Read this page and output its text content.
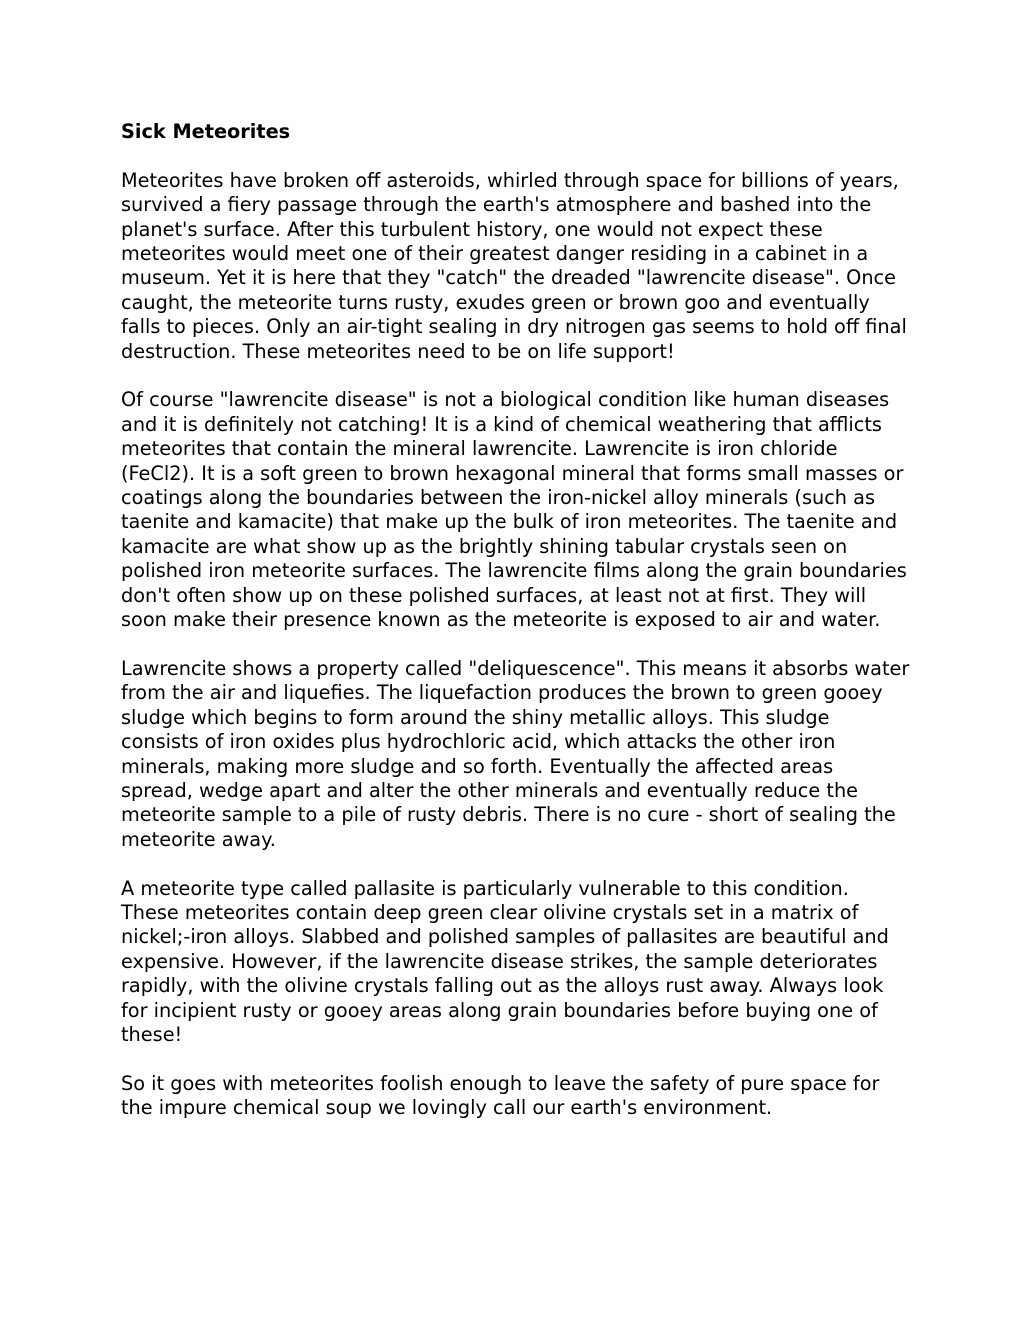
Sick Meteorites

Meteorites have broken off asteroids, whirled through space for billions of years, survived a fiery passage through the earth's atmosphere and bashed into the planet's surface. After this turbulent history, one would not expect these meteorites would meet one of their greatest danger residing in a cabinet in a museum. Yet it is here that they "catch" the dreaded "lawrencite disease". Once caught, the meteorite turns rusty, exudes green or brown goo and eventually falls to pieces. Only an air-tight sealing in dry nitrogen gas seems to hold off final destruction. These meteorites need to be on life support!

Of course "lawrencite disease" is not a biological condition like human diseases and it is definitely not catching! It is a kind of chemical weathering that afflicts meteorites that contain the mineral lawrencite. Lawrencite is iron chloride (FeCl2). It is a soft green to brown hexagonal mineral that forms small masses or coatings along the boundaries between the iron-nickel alloy minerals (such as taenite and kamacite) that make up the bulk of iron meteorites. The taenite and kamacite are what show up as the brightly shining tabular crystals seen on polished iron meteorite surfaces. The lawrencite films along the grain boundaries don't often show up on these polished surfaces, at least not at first. They will soon make their presence known as the meteorite is exposed to air and water.

Lawrencite shows a property called "deliquescence". This means it absorbs water from the air and liquefies. The liquefaction produces the brown to green gooey sludge which begins to form around the shiny metallic alloys. This sludge consists of iron oxides plus hydrochloric acid, which attacks the other iron minerals, making more sludge and so forth. Eventually the affected areas spread, wedge apart and alter the other minerals and eventually reduce the meteorite sample to a pile of rusty debris. There is no cure - short of sealing the meteorite away.

A meteorite type called pallasite is particularly vulnerable to this condition. These meteorites contain deep green clear olivine crystals set in a matrix of nickel;-iron alloys. Slabbed and polished samples of pallasites are beautiful and expensive. However, if the lawrencite disease strikes, the sample deteriorates rapidly, with the olivine crystals falling out as the alloys rust away. Always look for incipient rusty or gooey areas along grain boundaries before buying one of these!

So it goes with meteorites foolish enough to leave the safety of pure space for the impure chemical soup we lovingly call our earth's environment.
